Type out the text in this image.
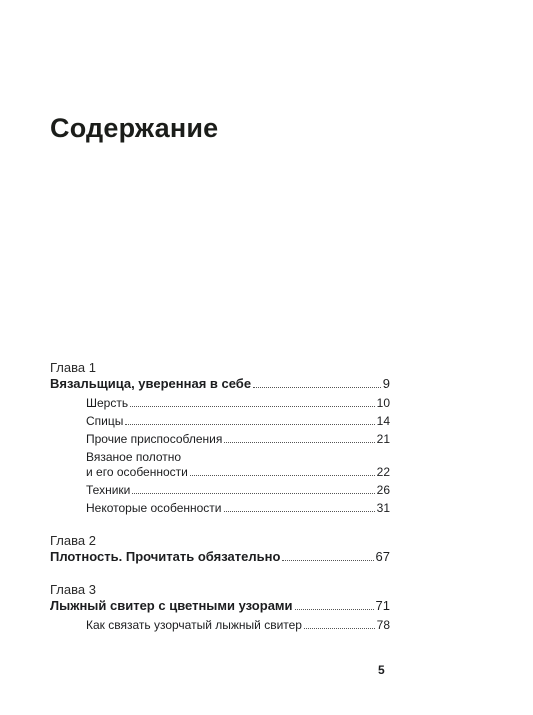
Содержание
Глава 1
Вязальщица, уверенная в себе	9
Шерсть	10
Спицы	14
Прочие приспособления	21
Вязаное полотно
и его особенности	22
Техники	26
Некоторые особенности	31
Глава 2
Плотность. Прочитать обязательно	67
Глава 3
Лыжный свитер с цветными узорами	71
Как связать узорчатый лыжный свитер	78
5
